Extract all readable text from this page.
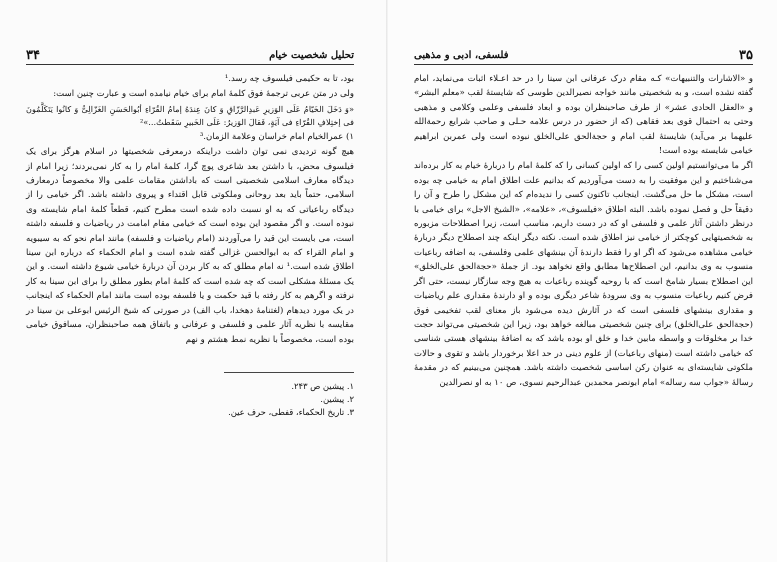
تحلیل شخصیت خیام
۳۴

بود، تا به حکیمی فیلسوف چه رسد.¹

ولی در متن عربی ترجمهٔ فوق کلمهٔ امام برای خیام نیامده است و عبارت چنین است:

«وَ دَخَلَ الخَیّامُ عَلَی الوَزیرِ عَبدِالرَّزّاقِ وَ کانَ عِندَهُ إمامُ القُرّاءِ أبُوالحَسَنِ الغَزّالِیُّ وَ کانُوا یَتَکَلَّمُونَ فی إختِلافِ القُرّاءِ فی آیَةٍ، فَقالَ الوَزیرُ: عَلَی الخَبیرِ سَقَطتُ...»²

۱) عمرالخیام امام خراسان وعلامة الزمان.³

هیچ گونه تردیدی نمی توان داشت دراینکه درمعرفی شخصیتها در اسلام هرگز برای یک فیلسوف محض، با داشتن بعد شاعری پوچ گرا، کلمهٔ امام را به کار نمی‌بردند؛ زیرا امام از دیدگاه معارف اسلامی شخصیتی است که باداشتن مقامات علمی والا مخصوصاً درمعارف اسلامی، حتماً باید بعد روحانی وملکوتی قابل اقتداء و پیروی داشته باشد. اگر خیامی را از دیدگاه رباعیاتی که به او نسبت داده شده است مطرح کنیم، قطعاً کلمهٔ امام شایسته وی نبوده است. و اگر مقصود این بوده است که خیامی مقام امامت در ریاضیات و فلسفه داشته است، می بایست این قید را می‌آوردند (امام ریاضیات و فلسفه) مانند امام نحو که به سیبویه و امام القراء که به ابوالحسن غزالی گفته شده است و امام الحکماء که درباره ابن سینا اطلاق شده است.¹ نه امام مطلق که به کار بردن آن دربارهٔ خیامی شیوع داشته است. و این یک مسئلهٔ مشکلی است که چه شده است که کلمهٔ امام بطور مطلق را برای ابن سینا به کار نرفته و اگرهم به کار رفته با قید حکمت و یا فلسفه بوده است مانند امام الحکماء که اینجانب در یک مورد دیدهام (لغتنامهٔ دهخدا، باب الف) در صورتی که شیخ الرئیس ابوعلی بن سینا در مقایسه با نظریه آثار علمی و فلسفی و عرفانی و باتفاق همه صاحبنظران، مسافوق خیامی بوده است، مخصوصاً با نظریه نمط هشتم و نهم

۱. پیشین ص ۲۴۳.
۲. پیشین.
۳. تاریخ الحکماء، قفطی، حرف عین.
۳۵
فلسفی، ادبی و مذهبی

و «الاشارات والتنبیهات» کـه مقام درک عرفانی ابن سینا را در حد اعـلاء اثبات می‌نماید، امام گفته نشده است، و به شخصیتی مانند خواجه نصیرالدین طوسی که شایستهٔ لقب «معلم البشر» و «العقل الحادی عشر» از طرف صاحبنظران بوده و ابعاد فلسفی وعلمی وکلامی و مذهبی وحتی به احتمال قوی بعد فقاهی (که از حضور در درس علامه حـلی و صاحب شرایع رحمة‌الله علیهما بر می‌آید) شایستهٔ لقب امام و حجةالحق علی‌الخلق نبوده است ولی عمربن ابراهیم خیامی شایسته بوده است!

اگر ما می‌توانستیم اولین کسی را که اولین کسانی را که کلمهٔ امام را دربارهٔ خیام به کار برده‌اند می‌شناختیم و این موفقیت را به دست می‌آوردیم که بدانیم علت اطلاق امام به خیامی چه بوده است، مشکل ما حل می‌گشت. اینجانب تاکنون کسی را ندیده‌ام که این مشکل را طرح و آن را دقیقاً حل و فصل نموده باشد. البته اطلاق «فیلسوف»، «علامه»، «الشیخ الاجل» برای خیامی با درنظر داشتن آثار علمی و فلسفی او که در دست داریم، مناسب است، زیرا اصطلاحات مزبوره به شخصیتهایی کوچکتر از خیامی نیز اطلاق شده است. نکته دیگر اینکه چند اصطلاح دیگر دربارهٔ خیامی مشاهده می‌شود که اگر او را فقط دارندهٔ آن بینشهای علمی وفلسفی، به اضافه رباعیات منسوب به وی بدانیم، این اصطلاح‌ها مطابق واقع نخواهد بود. از جملهٔ «حجة‌الحق علی‌الخلق» این اصطلاح بسیار شامخ است که با روحیه گوینده رباعیات به هیچ وجه سازگار نیست، حتی اگر فرض کنیم رباعیات منسوب به وی سرودهٔ شاعر دیگری بوده و او دارندهٔ مقداری علم ریاضیات و مقداری بینشهای فلسفی است که در آثارش دیده می‌شود باز معنای لقب تفخیمی فوق (حجة‌الحق علی‌الخلق) برای چنین شخصیتی مبالغه خواهد بود، زیرا این شخصیتی می‌تواند حجت خدا بر مخلوقات و واسطه مابین خدا و خلق او بوده باشد که به اضافهٔ بینشهای هستی شناسی که خیامی داشته است (منهای رباعیات) از علوم دینی در حد اعلا برخوردار باشد و تقوی و حالات ملکوتی شایسته‌ای به عنوان رکن اساسی شخصیت داشته باشد. همچنین می‌بینیم که در مقدمهٔ رسالهٔ «جواب سه رساله» امام ابونصر محمدبن عبدالرحیم نسوی، ص ۱۰ به او نصرالدین
